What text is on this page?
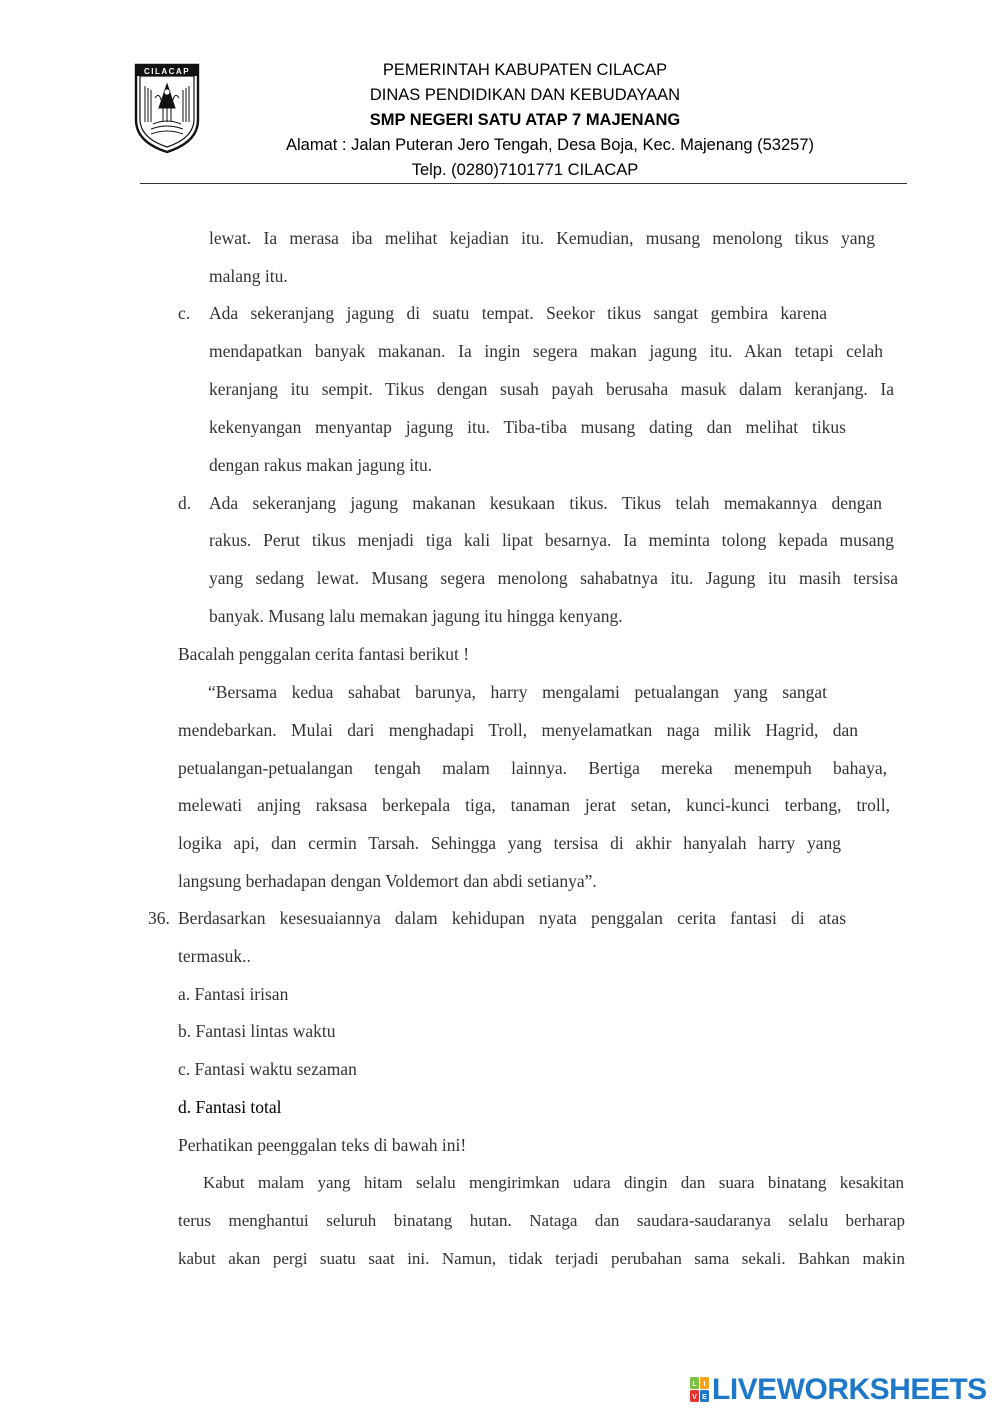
CILACAP	PEMERINTAH KABUPATEN CILACAP
DINAS PENDIDIKAN DAN KEBUDAYAAN
SMP NEGERI SATU ATAP 7 MAJENANG
Alamat : Jalan Puteran Jero Tengah, Desa Boja, Kec. Majenang (53257)
Telp. (0280)7101771 CILACAP
lewat. Ia merasa iba melihat kejadian itu. Kemudian, musang menolong tikus yang
malang itu.
c. Ada sekeranjang jagung di suatu tempat. Seekor tikus sangat gembira karena
mendapatkan banyak makanan. Ia ingin segera makan jagung itu. Akan tetapi celah
keranjang itu sempit. Tikus dengan susah payah berusaha masuk dalam keranjang. Ia
kekenyangan menyantap jagung itu. Tiba-tiba musang dating dan melihat tikus
dengan rakus makan jagung itu.
d. Ada sekeranjang jagung makanan kesukaan tikus. Tikus telah memakannya dengan
rakus. Perut tikus menjadi tiga kali lipat besarnya. Ia meminta tolong kepada musang
yang sedang lewat. Musang segera menolong sahabatnya itu. Jagung itu masih tersisa
banyak. Musang lalu memakan jagung itu hingga kenyang.
Bacalah penggalan cerita fantasi berikut !
“Bersama kedua sahabat barunya, harry mengalami petualangan yang sangat
mendebarkan. Mulai dari menghadapi Troll, menyelamatkan naga milik Hagrid, dan
petualangan-petualangan tengah malam lainnya. Bertiga mereka menempuh bahaya,
melewati anjing raksasa berkepala tiga, tanaman jerat setan, kunci-kunci terbang, troll,
logika api, dan cermin Tarsah. Sehingga yang tersisa di akhir hanyalah harry yang
langsung berhadapan dengan Voldemort dan abdi setianya”.
36. Berdasarkan kesesuaiannya dalam kehidupan nyata penggalan cerita fantasi di atas
termasuk..
a. Fantasi irisan
b. Fantasi lintas waktu
c. Fantasi waktu sezaman
d. Fantasi total
Perhatikan peenggalan teks di bawah ini!
Kabut malam yang hitam selalu mengirimkan udara dingin dan suara binatang kesakitan
terus menghantui seluruh binatang hutan. Nataga dan saudara-saudaranya selalu berharap
kabut akan pergi suatu saat ini. Namun, tidak terjadi perubahan sama sekali. Bahkan makin
L I
V E LIVEWORKSHEETS
